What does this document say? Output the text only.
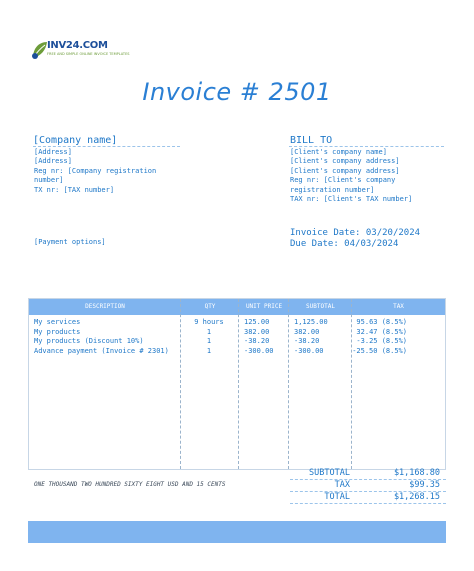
INV24.COM
FREE AND SIMPLE ONLINE INVOICE TEMPLATES
Invoice # 2501
[Company name]
[Address]
[Address]
Reg nr: [Company registration number]
TX nr: [TAX number]
BILL TO
[Client's company name]
[Client's company address]
[Client's company address]
Reg nr: [Client's company registration number]
TAX nr: [Client's TAX number]
Invoice Date: 03/20/2024
Due Date: 04/03/2024
[Payment options]
DESCRIPTION	QTY	UNIT PRICE	SUBTOTAL	TAX
My services	9 hours	125.00	1,125.00	95.63 (8.5%)
My products	1	382.00	382.00	32.47 (8.5%)
My products (Discount 10%)	1	-38.20	-38.20	-3.25 (8.5%)
Advance payment (Invoice # 2301)	1	-300.00	-300.00	-25.50 (8.5%)
ONE THOUSAND TWO HUNDRED SIXTY EIGHT USD AND 15 CENTS
SUBTOTAL	$1,168.80
TAX	$99.35
TOTAL	$1,268.15
